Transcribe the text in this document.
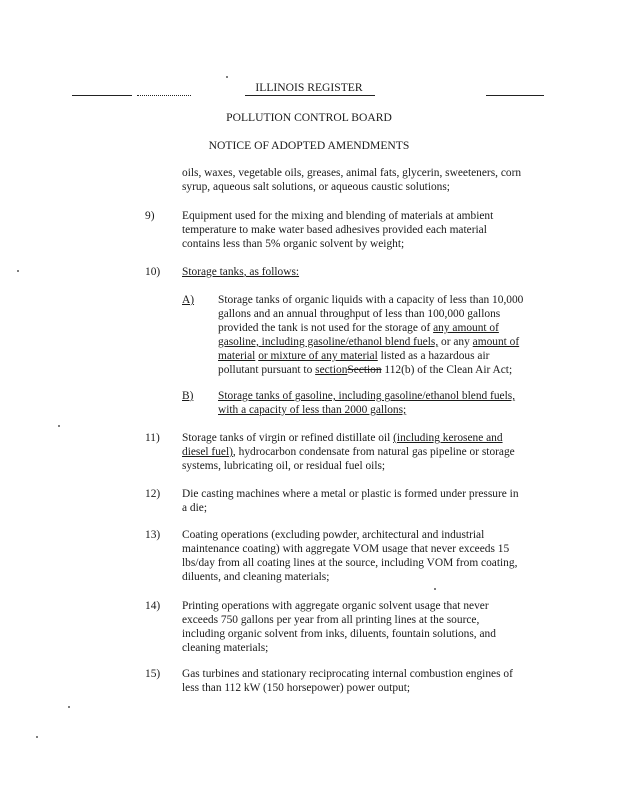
ILLINOIS REGISTER
POLLUTION CONTROL BOARD
NOTICE OF ADOPTED AMENDMENTS
oils, waxes, vegetable oils, greases, animal fats, glycerin, sweeteners, corn
syrup, aqueous salt solutions, or aqueous caustic solutions;
9) Equipment used for the mixing and blending of materials at ambient
temperature to make water based adhesives provided each material
contains less than 5% organic solvent by weight;
10) Storage tanks, as follows:
A) Storage tanks of organic liquids with a capacity of less than 10,000
gallons and an annual throughput of less than 100,000 gallons
provided the tank is not used for the storage of any amount of
gasoline, including gasoline/ethanol blend fuels, or any amount of
material or mixture of any material listed as a hazardous air
pollutant pursuant to sectionSection 112(b) of the Clean Air Act;
B) Storage tanks of gasoline, including gasoline/ethanol blend fuels,
with a capacity of less than 2000 gallons;
11) Storage tanks of virgin or refined distillate oil (including kerosene and
diesel fuel), hydrocarbon condensate from natural gas pipeline or storage
systems, lubricating oil, or residual fuel oils;
12) Die casting machines where a metal or plastic is formed under pressure in
a die;
13) Coating operations (excluding powder, architectural and industrial
maintenance coating) with aggregate VOM usage that never exceeds 15
lbs/day from all coating lines at the source, including VOM from coating,
diluents, and cleaning materials;
14) Printing operations with aggregate organic solvent usage that never
exceeds 750 gallons per year from all printing lines at the source,
including organic solvent from inks, diluents, fountain solutions, and
cleaning materials;
15) Gas turbines and stationary reciprocating internal combustion engines of
less than 112 kW (150 horsepower) power output;
